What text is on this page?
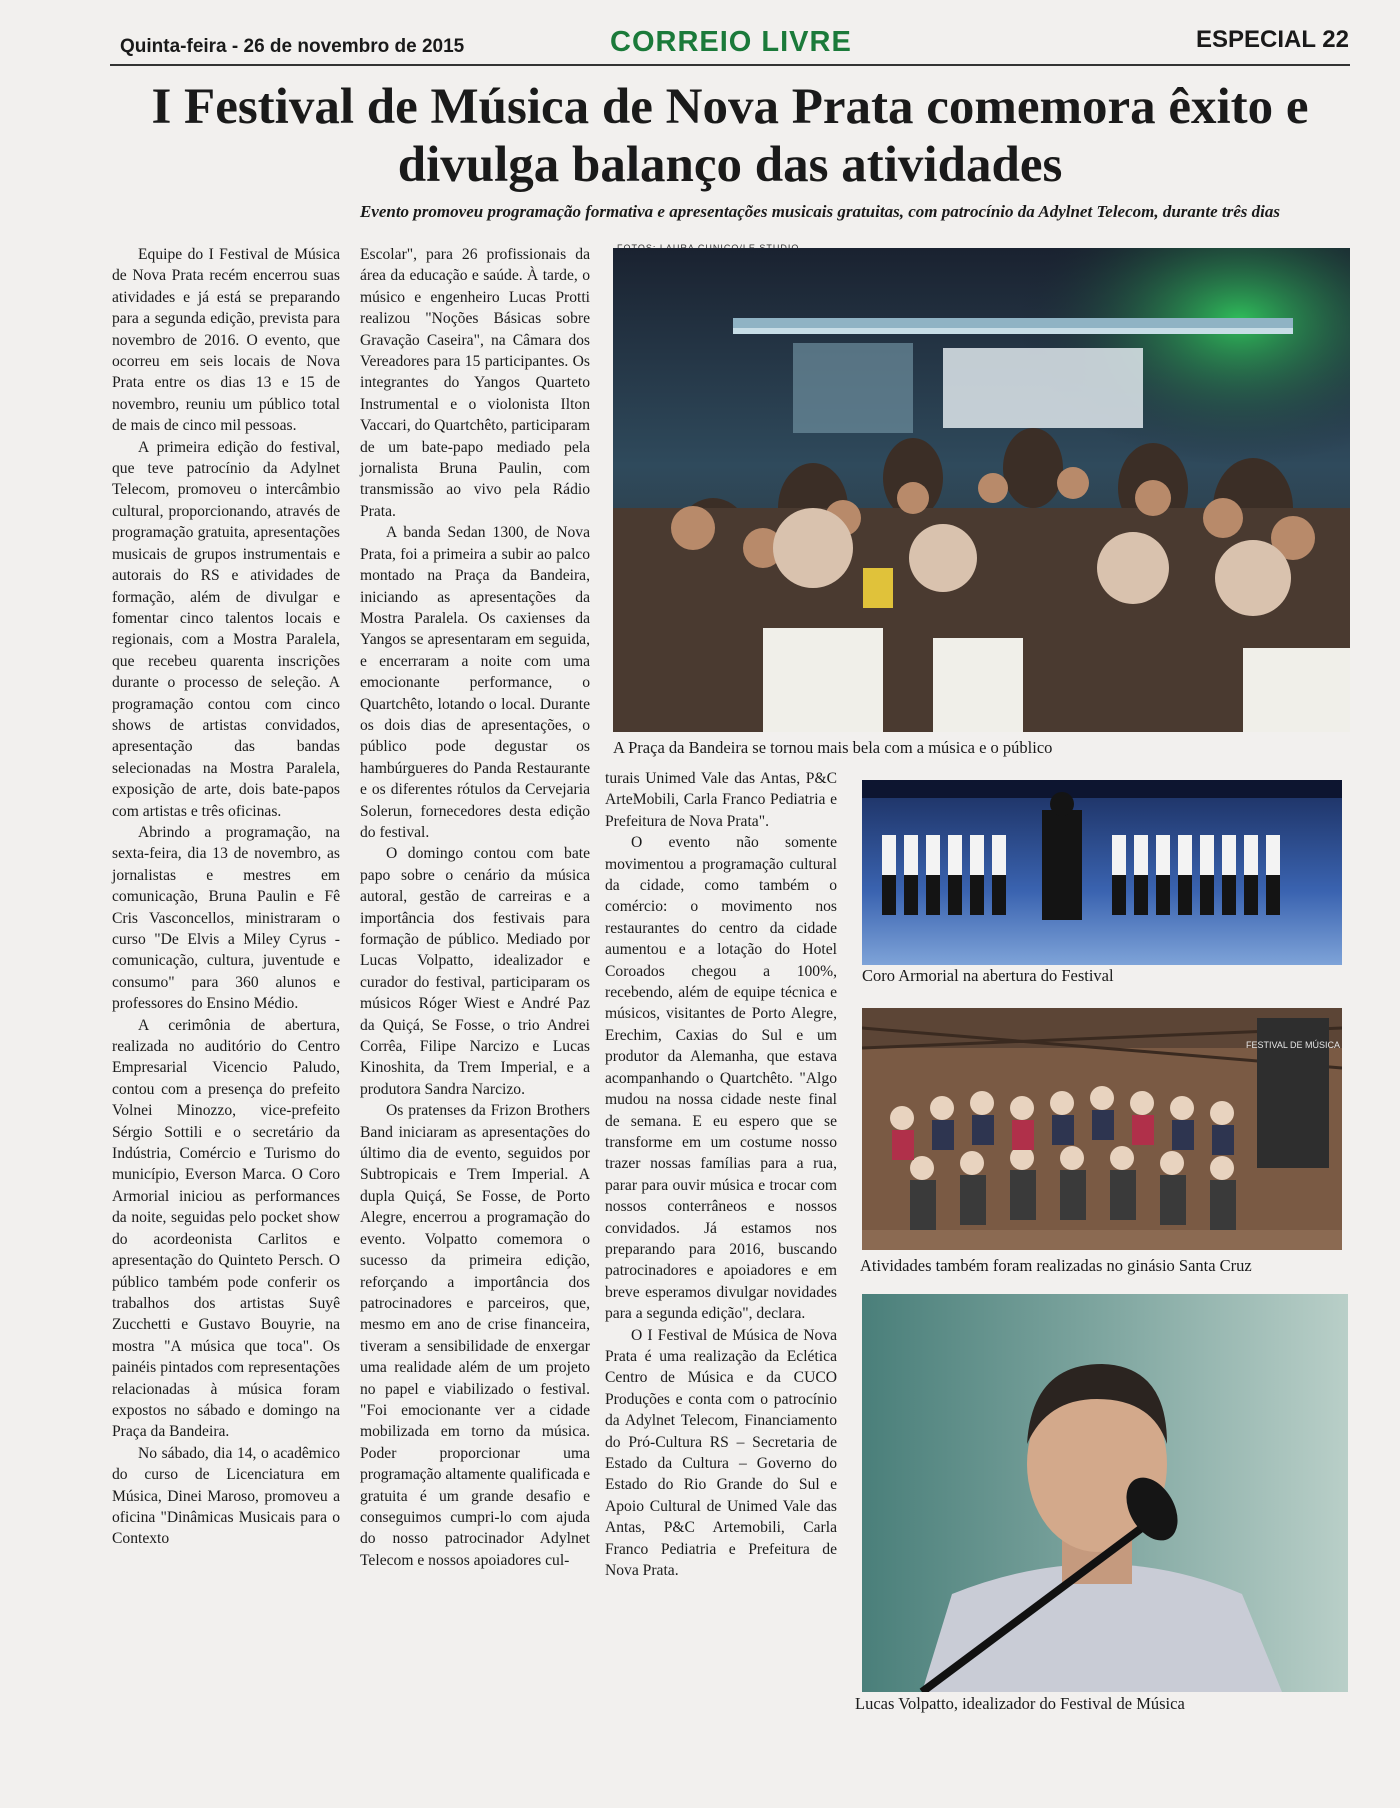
Quinta-feira - 26 de novembro de 2015	CORREIO LIVRE	ESPECIAL 22
I Festival de Música de Nova Prata comemora êxito e divulga balanço das atividades
Evento promoveu programação formativa e apresentações musicais gratuitas, com patrocínio da Adylnet Telecom, durante três dias

Equipe do I Festival de Música de Nova Prata recém encerrou suas atividades e já está se preparando para a segunda edição, prevista para novembro de 2016. O evento, que ocorreu em seis locais de Nova Prata entre os dias 13 e 15 de novembro, reuniu um público total de mais de cinco mil pessoas.

A primeira edição do festival, que teve patrocínio da Adylnet Telecom, promoveu o intercâmbio cultural, proporcionando, através de programação gratuita, apresentações musicais de grupos instrumentais e autorais do RS e atividades de formação, além de divulgar e fomentar cinco talentos locais e regionais, com a Mostra Paralela, que recebeu quarenta inscrições durante o processo de seleção. A programação contou com cinco shows de artistas convidados, apresentação das bandas selecionadas na Mostra Paralela, exposição de arte, dois bate-papos com artistas e três oficinas.

Abrindo a programação, na sexta-feira, dia 13 de novembro, as jornalistas e mestres em comunicação, Bruna Paulin e Fê Cris Vasconcellos, ministraram o curso "De Elvis a Miley Cyrus - comunicação, cultura, juventude e consumo" para 360 alunos e professores do Ensino Médio.

A cerimônia de abertura, realizada no auditório do Centro Empresarial Vicencio Paludo, contou com a presença do prefeito Volnei Minozzo, vice-prefeito Sérgio Sottili e o secretário da Indústria, Comércio e Turismo do município, Everson Marca. O Coro Armorial iniciou as performances da noite, seguidas pelo pocket show do acordeonista Carlitos e apresentação do Quinteto Persch. O público também pode conferir os trabalhos dos artistas Suyê Zucchetti e Gustavo Bouyrie, na mostra "A música que toca". Os painéis pintados com representações relacionadas à música foram expostos no sábado e domingo na Praça da Bandeira.

No sábado, dia 14, o acadêmico do curso de Licenciatura em Música, Dinei Maroso, promoveu a oficina "Dinâmicas Musicais para o Contexto

Escolar", para 26 profissionais da área da educação e saúde. À tarde, o músico e engenheiro Lucas Protti realizou "Noções Básicas sobre Gravação Caseira", na Câmara dos Vereadores para 15 participantes. Os integrantes do Yangos Quarteto Instrumental e o violonista Ilton Vaccari, do Quartchêto, participaram de um bate-papo mediado pela jornalista Bruna Paulin, com transmissão ao vivo pela Rádio Prata.

A banda Sedan 1300, de Nova Prata, foi a primeira a subir ao palco montado na Praça da Bandeira, iniciando as apresentações da Mostra Paralela. Os caxienses da Yangos se apresentaram em seguida, e encerraram a noite com uma emocionante performance, o Quartchêto, lotando o local. Durante os dois dias de apresentações, o público pode degustar os hambúrgueres do Panda Restaurante e os diferentes rótulos da Cervejaria Solerun, fornecedores desta edição do festival.

O domingo contou com bate papo sobre o cenário da música autoral, gestão de carreiras e a importância dos festivais para formação de público. Mediado por Lucas Volpatto, idealizador e curador do festival, participaram os músicos Róger Wiest e André Paz da Quiçá, Se Fosse, o trio Andrei Corrêa, Filipe Narcizo e Lucas Kinoshita, da Trem Imperial, e a produtora Sandra Narcizo.

Os pratenses da Frizon Brothers Band iniciaram as apresentações do último dia de evento, seguidos por Subtropicais e Trem Imperial. A dupla Quiçá, Se Fosse, de Porto Alegre, encerrou a programação do evento. Volpatto comemora o sucesso da primeira edição, reforçando a importância dos patrocinadores e parceiros, que, mesmo em ano de crise financeira, tiveram a sensibilidade de enxergar uma realidade além de um projeto no papel e viabilizado o festival. "Foi emocionante ver a cidade mobilizada em torno da música. Poder proporcionar uma programação altamente qualificada e gratuita é um grande desafio e conseguimos cumpri-lo com ajuda do nosso patrocinador Adylnet Telecom e nossos apoiadores cul-

turais Unimed Vale das Antas, P&C ArteMobili, Carla Franco Pediatria e Prefeitura de Nova Prata".

O evento não somente movimentou a programação cultural da cidade, como também o comércio: o movimento nos restaurantes do centro da cidade aumentou e a lotação do Hotel Coroados chegou a 100%, recebendo, além de equipe técnica e músicos, visitantes de Porto Alegre, Erechim, Caxias do Sul e um produtor da Alemanha, que estava acompanhando o Quartchêto. "Algo mudou na nossa cidade neste final de semana. E eu espero que se transforme em um costume nosso trazer nossas famílias para a rua, parar para ouvir música e trocar com nossos conterrâneos e nossos convidados. Já estamos nos preparando para 2016, buscando patrocinadores e apoiadores e em breve esperamos divulgar novidades para a segunda edição", declara.

O I Festival de Música de Nova Prata é uma realização da Eclética Centro de Música e da CUCO Produções e conta com o patrocínio da Adylnet Telecom, Financiamento do Pró-Cultura RS – Secretaria de Estado da Cultura – Governo do Estado do Rio Grande do Sul e Apoio Cultural de Unimed Vale das Antas, P&C Artemobili, Carla Franco Pediatria e Prefeitura de Nova Prata.

A Praça da Bandeira se tornou mais bela com a música e o público
Coro Armorial na abertura do Festival
FESTIVAL DE MÚSICA
Atividades também foram realizadas no ginásio Santa Cruz
Lucas Volpatto, idealizador do Festival de Música
